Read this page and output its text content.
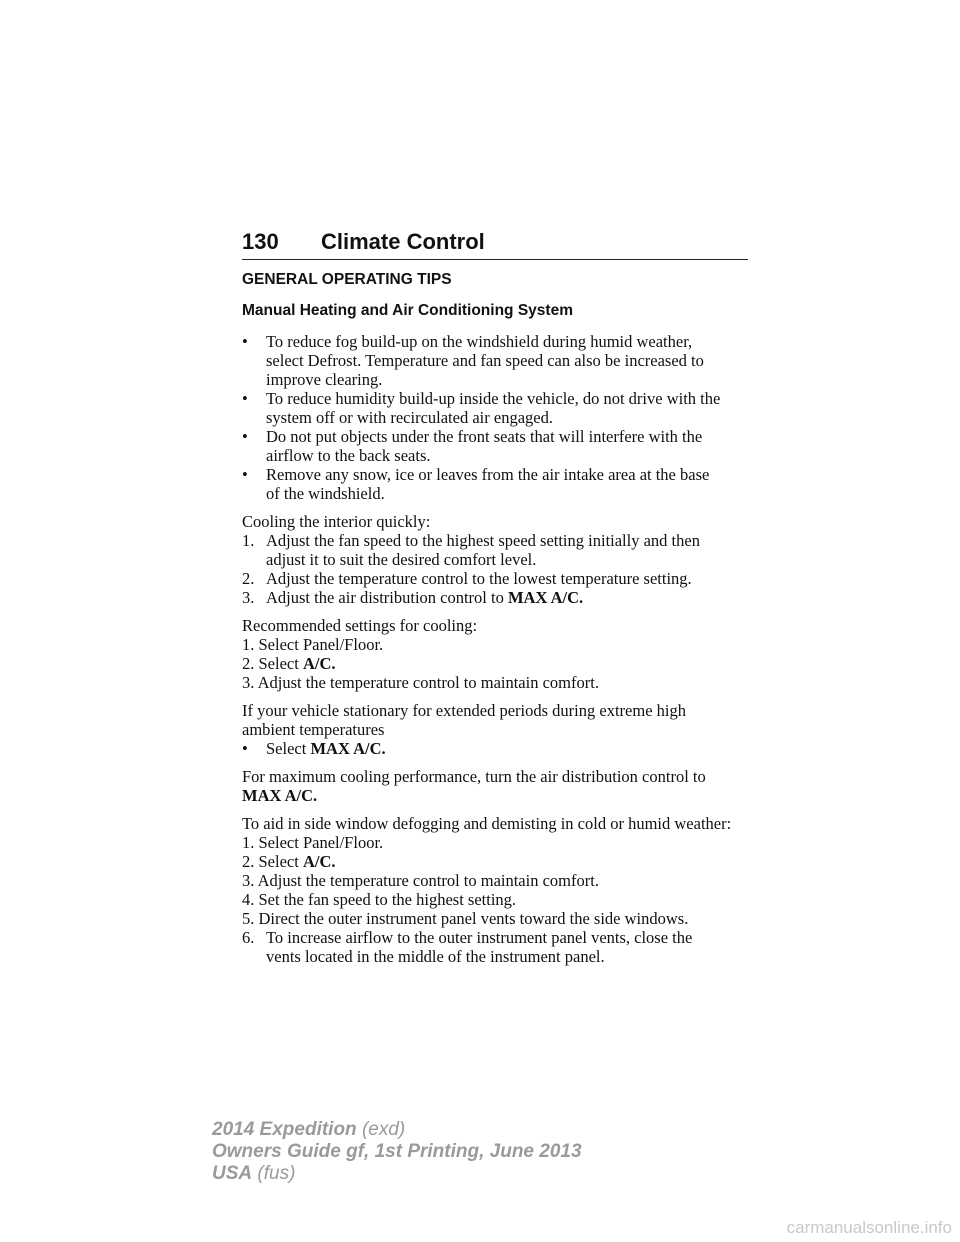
130 Climate Control
GENERAL OPERATING TIPS
Manual Heating and Air Conditioning System
•	To reduce fog build-up on the windshield during humid weather,
select Defrost. Temperature and fan speed can also be increased to
improve clearing.
•	To reduce humidity build-up inside the vehicle, do not drive with the
system off or with recirculated air engaged.
•	Do not put objects under the front seats that will interfere with the
airflow to the back seats.
•	Remove any snow, ice or leaves from the air intake area at the base
of the windshield.
Cooling the interior quickly:
1. Adjust the fan speed to the highest speed setting initially and then
adjust it to suit the desired comfort level.
2. Adjust the temperature control to the lowest temperature setting.
3. Adjust the air distribution control to MAX A/C.
Recommended settings for cooling:
1. Select Panel/Floor.
2. Select A/C.
3. Adjust the temperature control to maintain comfort.
If your vehicle stationary for extended periods during extreme high
ambient temperatures
•	Select MAX A/C.
For maximum cooling performance, turn the air distribution control to
MAX A/C.
To aid in side window defogging and demisting in cold or humid weather:
1. Select Panel/Floor.
2. Select A/C.
3. Adjust the temperature control to maintain comfort.
4. Set the fan speed to the highest setting.
5. Direct the outer instrument panel vents toward the side windows.
6. To increase airflow to the outer instrument panel vents, close the
vents located in the middle of the instrument panel.
2014 Expedition (exd)
Owners Guide gf, 1st Printing, June 2013
USA (fus)
carmanualsonline.info
